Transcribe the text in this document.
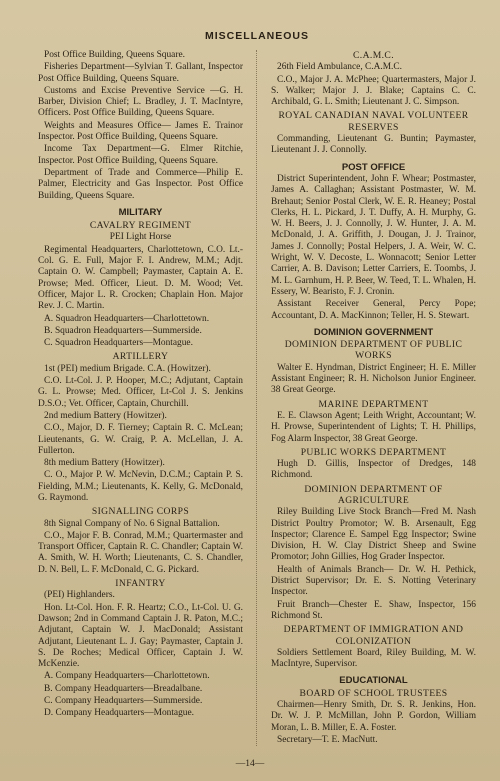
MISCELLANEOUS

Post Office Building, Queens Square.

Fisheries Department—Sylvian T. Gallant, Inspector Post Office Building, Queens Square.

Customs and Excise Preventive Service —G. H. Barber, Division Chief; L. Bradley, J. T. MacIntyre, Officers. Post Office Building, Queens Square.

Weights and Measures Office— James E. Trainor Inspector. Post Office Building, Queens Square.

Income Tax Department—G. Elmer Ritchie, Inspector. Post Office Building, Queens Square.

Department of Trade and Commerce—Philip E. Palmer, Electricity and Gas Inspector. Post Office Building, Queens Square.

MILITARY
CAVALRY REGIMENT
PEI Light Horse

Regimental Headquarters, Charlottetown, C.O. Lt.-Col. G. E. Full, Major F. I. Andrew, M.M.; Adjt. Captain O. W. Campbell; Paymaster, Captain A. E. Prowse; Med. Officer, Lieut. D. M. Wood; Vet. Officer, Major L. R. Crocken; Chaplain Hon. Major Rev. J. C. Martin.

A. Squadron Headquarters—Charlottetown.

B. Squadron Headquarters—Summerside.

C. Squadron Headquarters—Montague.

ARTILLERY

1st (PEI) medium Brigade. C.A. (Howitzer).

C.O. Lt-Col. J. P. Hooper, M.C.; Adjutant, Captain G. L. Prowse; Med. Officer, Lt-Col J. S. Jenkins D.S.O.; Vet. Officer, Captain, Churchill.

2nd medium Battery (Howitzer).

C.O., Major, D. F. Tierney; Captain R. C. McLean; Lieutenants, G. W. Craig, P. A. McLellan, J. A. Fullerton.

8th medium Battery (Howitzer).

C. O., Major P. W. McNevin, D.C.M.; Captain P. S. Fielding, M.M.; Lieutenants, K. Kelly, G. McDonald, G. Raymond.

SIGNALLING CORPS

8th Signal Company of No. 6 Signal Battalion.

C.O., Major F. B. Conrad, M.M.; Quartermaster and Transport Officer, Captain R. C. Chandler; Captain W. A. Smith, W. H. Worth; Lieutenants, C. S. Chandler, D. N. Bell, L. F. McDonald, C. G. Pickard.

INFANTRY

(PEI) Highlanders.

Hon. Lt-Col. Hon. F. R. Heartz; C.O., Lt-Col. U. G. Dawson; 2nd in Command Captain J. R. Paton, M.C.; Adjutant, Captain W. J. MacDonald; Assistant Adjutant, Lieutenant L. J. Gay; Paymaster, Captain J. S. De Roches; Medical Officer, Captain J. W. McKenzie.

A. Company Headquarters—Charlottetown.

B. Company Headquarters—Breadalbane.

C. Company Headquarters—Summerside.

D. Company Headquarters—Montague.

C.A.M.C.

26th Field Ambulance, C.A.M.C.

C.O., Major J. A. McPhee; Quartermasters, Major J. S. Walker; Major J. J. Blake; Captains C. C. Archibald, G. L. Smith; Lieutenant J. C. Simpson.

ROYAL CANADIAN NAVAL VOLUNTEER RESERVES

Commanding, Lieutenant G. Buntin; Paymaster, Lieutenant J. J. Connolly.

POST OFFICE

District Superintendent, John F. Whear; Postmaster, James A. Callaghan; Assistant Postmaster, W. M. Brehaut; Senior Postal Clerk, W. E. R. Heaney; Postal Clerks, H. L. Pickard, J. T. Duffy, A. H. Murphy, G. W. H. Beers, J. J. Connolly, J. W. Hunter, J. A. M. McDonald, J. A. Griffith, J. Dougan, J. J. Trainor, James J. Connolly; Postal Helpers, J. A. Weir, W. C. Wright, W. V. Decoste, L. Wonnacott; Senior Letter Carrier, A. B. Davison; Letter Carriers, E. Toombs, J. M. L. Garnhum, H. P. Beer, W. Teed, T. L. Whalen, H. Essery, W. Bearisto, F. J. Cronin.

Assistant Receiver General, Percy Pope; Accountant, D. A. MacKinnon; Teller, H. S. Stewart.

DOMINION GOVERNMENT
DOMINION DEPARTMENT OF PUBLIC WORKS

Walter E. Hyndman, District Engineer; H. E. Miller Assistant Engineer; R. H. Nicholson Junior Engineer. 38 Great George.

MARINE DEPARTMENT

E. E. Clawson Agent; Leith Wright, Accountant; W. H. Prowse, Superintendent of Lights; T. H. Phillips, Fog Alarm Inspector, 38 Great George.

PUBLIC WORKS DEPARTMENT

Hugh D. Gillis, Inspector of Dredges, 148 Richmond.

DOMINION DEPARTMENT OF AGRICULTURE

Riley Building Live Stock Branch—Fred M. Nash District Poultry Promotor; W. B. Arsenault, Egg Inspector; Clarence E. Sampel Egg Inspector; Swine Division, H. W. Clay District Sheep and Swine Promotor; John Gillies, Hog Grader Inspector.

Health of Animals Branch— Dr. W. H. Pethick, District Supervisor; Dr. E. S. Notting Veterinary Inspector.

Fruit Branch—Chester E. Shaw, Inspector, 156 Richmond St.

DEPARTMENT OF IMMIGRATION AND COLONIZATION

Soldiers Settlement Board, Riley Building, M. W. MacIntyre, Supervisor.

EDUCATIONAL
BOARD OF SCHOOL TRUSTEES

Chairmen—Henry Smith, Dr. S. R. Jenkins, Hon. Dr. W. J. P. McMillan, John P. Gordon, William Moran, L. B. Miller, E. A. Foster.

Secretary—T. E. MacNutt.

—14—
